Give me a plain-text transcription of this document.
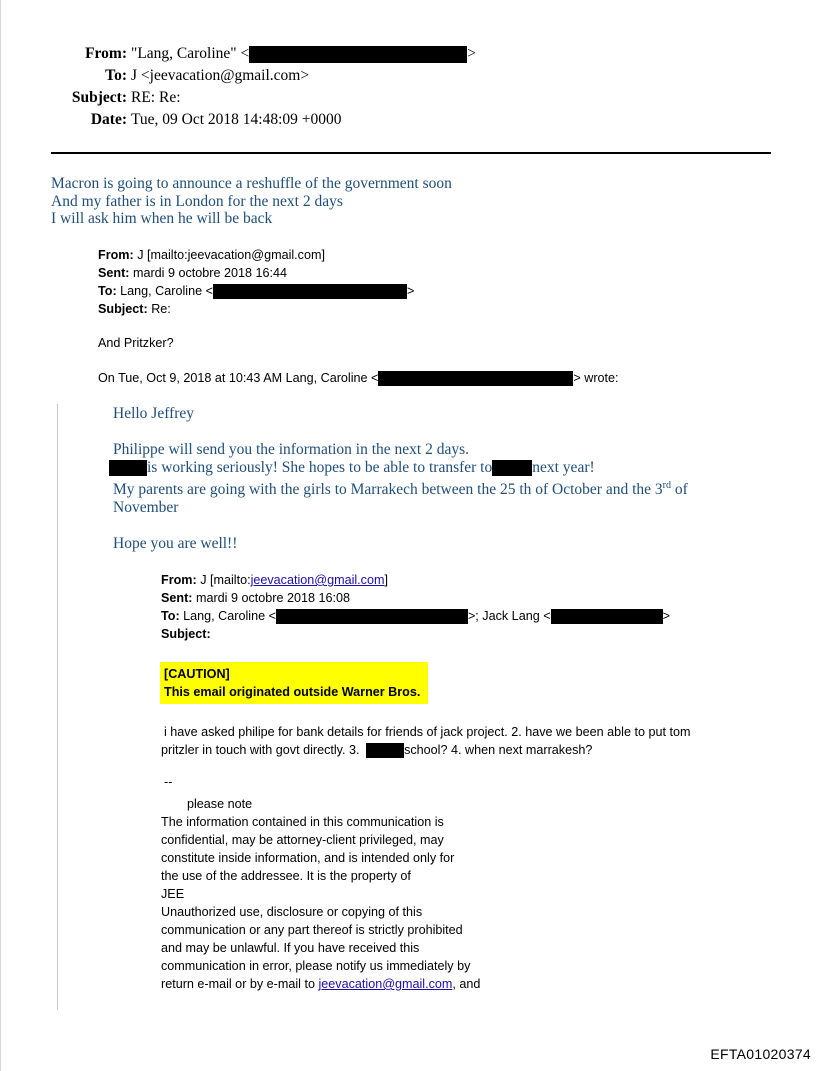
From: "Lang, Caroline" <	>
To: J <jeevacation@gmail.com>
Subject: RE: Re:
Date: Tue, 09 Oct 2018 14:48:09 +0000
Macron is going to announce a reshuffle of the government soon
And my father is in London for the next 2 days
I will ask him when he will be back
From: J [mailto:jeevacation@gmail.com]
Sent: mardi 9 octobre 2018 16:44
To: Lang, Caroline <	>
Subject: Re:
And Pritzker?
On Tue, Oct 9, 2018 at 10:43 AM Lang, Caroline <	> wrote:
Hello Jeffrey
Philippe will send you the information in the next 2 days.
is working seriously! She hopes to be able to transfer to	next year!
My parents are going with the girls to Marrakech between the 25 th of October and the 3rd of
November
Hope you are well!!
From: J [mailto:jeevacation@gmail.com]
Sent: mardi 9 octobre 2018 16:08
To: Lang, Caroline <	>; Jack Lang <	>
Subject:
[CAUTION]
This email originated outside Warner Bros.
i have asked philipe for bank details for friends of jack project. 2. have we been able to put tom
pritzler in touch with govt directly. 3.	school? 4. when next marrakesh?
--
please note
The information contained in this communication is
confidential, may be attorney-client privileged, may
constitute inside information, and is intended only for
the use of the addressee. It is the property of
JEE
Unauthorized use, disclosure or copying of this
communication or any part thereof is strictly prohibited
and may be unlawful. If you have received this
communication in error, please notify us immediately by
return e-mail or by e-mail to jeevacation@gmail.com, and
EFTA01020374
